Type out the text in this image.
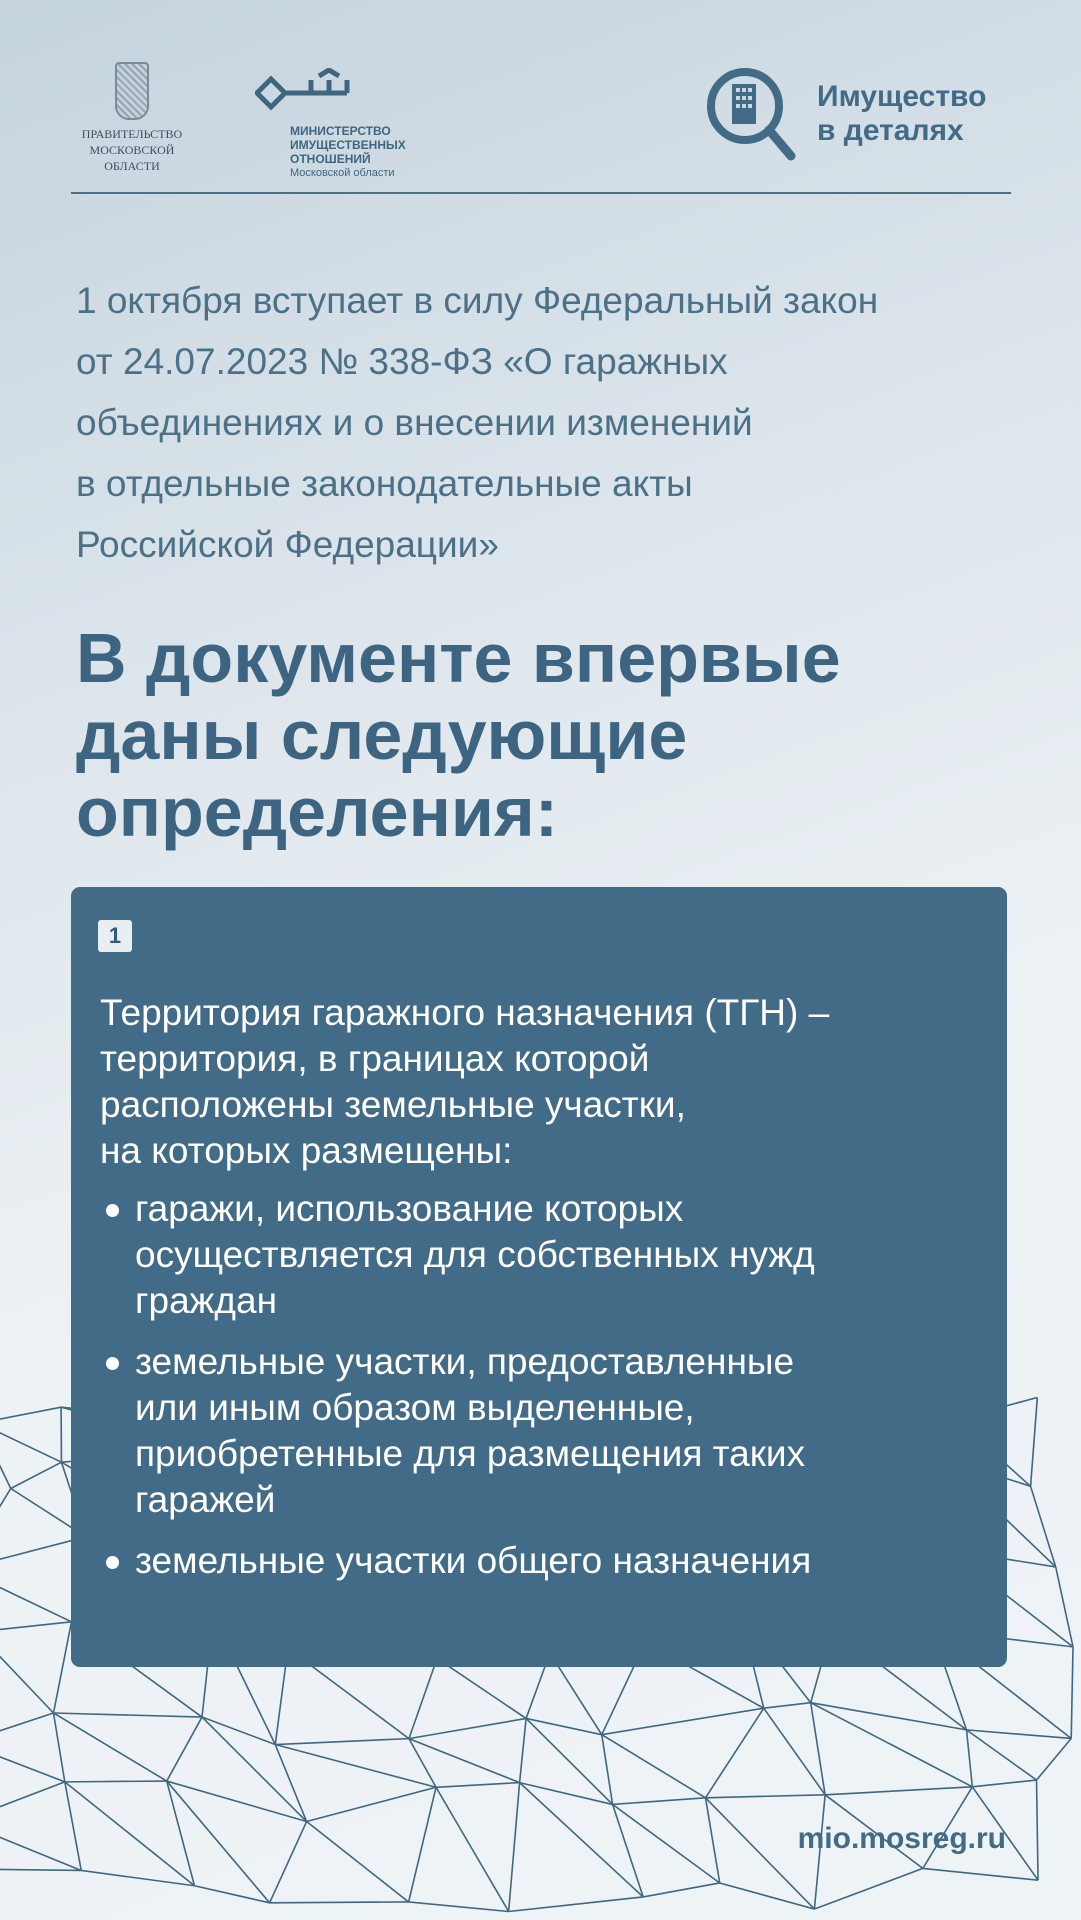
ПРАВИТЕЛЬСТВО
МОСКОВСКОЙ
ОБЛАСТИ
МИНИСТЕРСТВО
ИМУЩЕСТВЕННЫХ
ОТНОШЕНИЙ
Московской области
Имущество
в деталях
1 октября вступает в силу Федеральный закон
от 24.07.2023 № 338-ФЗ «О гаражных
объединениях и о внесении изменений
в отдельные законодательные акты
Российской Федерации»
В документе впервые
даны следующие
определения:
1
Территория гаражного назначения (ТГН) –
территория, в границах которой
расположены земельные участки,
на которых размещены:
гаражи, использование которых
осуществляется для собственных нужд
граждан
земельные участки, предоставленные
или иным образом выделенные,
приобретенные для размещения таких
гаражей
земельные участки общего назначения
mio.mosreg.ru
